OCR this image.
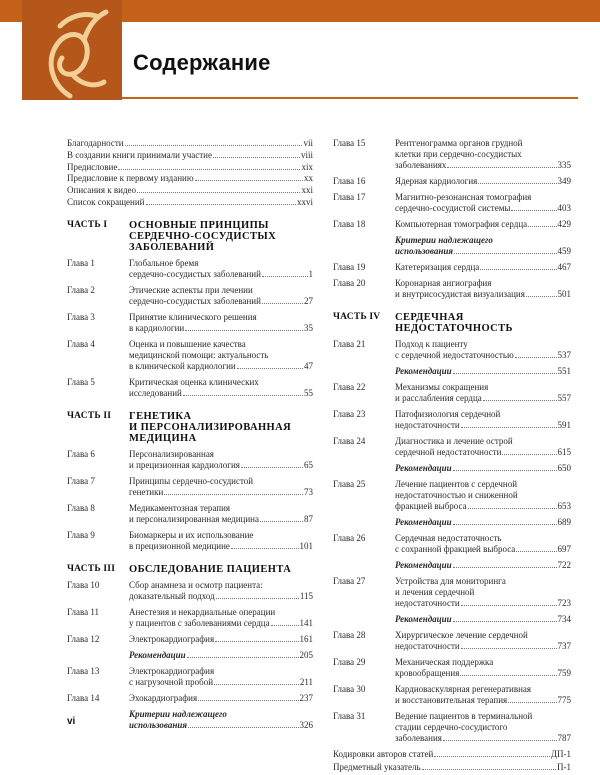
Содержание
Благодарности	vii
В создании книги принимали участие	viii
Предисловие	xix
Предисловие к первому изданию	xx
Описания к видео	xxi
Список сокращений	xxvi
ЧАСТЬ I	ОСНОВНЫЕ ПРИНЦИПЫ
СЕРДЕЧНО-СОСУДИСТЫХ
ЗАБОЛЕВАНИЙ
Глава 1	Глобальное бремя
сердечно-сосудистых заболеваний	1
Глава 2	Этические аспекты при лечении
сердечно-сосудистых заболеваний	27
Глава 3	Принятие клинического решения
в кардиологии	35
Глава 4	Оценка и повышение качества
медицинской помощи: актуальность
в клинической кардиологии	47
Глава 5	Критическая оценка клинических
исследований	55
ЧАСТЬ II	ГЕНЕТИКА
И ПЕРСОНАЛИЗИРОВАННАЯ
МЕДИЦИНА
Глава 6	Персонализированная
и прецизионная кардиология	65
Глава 7	Принципы сердечно-сосудистой
генетики	73
Глава 8	Медикаментозная терапия
и персонализированная медицина	87
Глава 9	Биомаркеры и их использование
в прецизионной медицине	101
ЧАСТЬ III	ОБСЛЕДОВАНИЕ ПАЦИЕНТА
Глава 10	Сбор анамнеза и осмотр пациента:
доказательный подход	115
Глава 11	Анестезия и некардиальные операции
у пациентов с заболеваниями сердца	141
Глава 12	Электрокардиография	161
Рекомендации	205
Глава 13	Электрокардиография
с нагрузочной пробой	211
Глава 14	Эхокардиография	237
Критерии надлежащего
использования	326
Глава 15	Рентгенограмма органов грудной
клетки при сердечно-сосудистых
заболеваниях	335
Глава 16	Ядерная кардиология	349
Глава 17	Магнитно-резонансная томография
сердечно-сосудистой системы	403
Глава 18	Компьютерная томография сердца	429
Критерии надлежащего
использования	459
Глава 19	Катетеризация сердца	467
Глава 20	Коронарная ангиография
и внутрисосудистая визуализация	501
ЧАСТЬ IV	СЕРДЕЧНАЯ НЕДОСТАТОЧНОСТЬ
Глава 21	Подход к пациенту
с сердечной недостаточностью	537
Рекомендации	551
Глава 22	Механизмы сокращения
и расслабления сердца	557
Глава 23	Патофизиология сердечной
недостаточности	591
Глава 24	Диагностика и лечение острой
сердечной недостаточности	615
Рекомендации	650
Глава 25	Лечение пациентов с сердечной
недостаточностью и сниженной
фракцией выброса	653
Рекомендации	689
Глава 26	Сердечная недостаточность
с сохранной фракцией выброса	697
Рекомендации	722
Глава 27	Устройства для мониторинга
и лечения сердечной
недостаточности	723
Рекомендации	734
Глава 28	Хирургическое лечение сердечной
недостаточности	737
Глава 29	Механическая поддержка
кровообращения	759
Глава 30	Кардиоваскулярная регенеративная
и восстановительная терапия	775
Глава 31	Ведение пациентов в терминальной
стадии сердечно-сосудистого
заболевания	787
Кодировки авторов статей	ДП-1
Предметный указатель	П-1
vi
